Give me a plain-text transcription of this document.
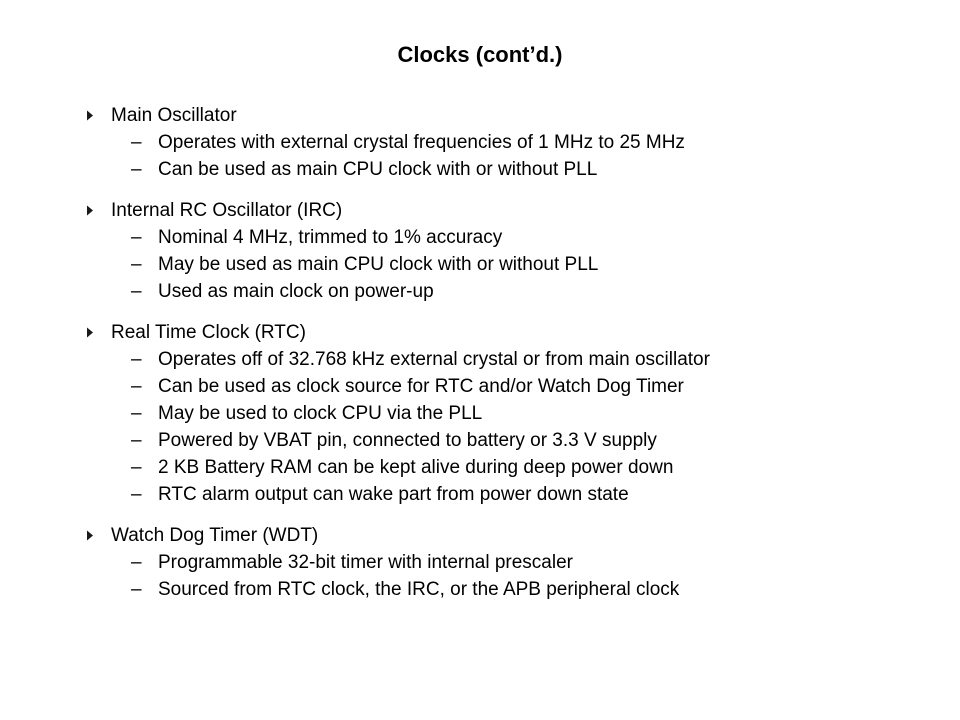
Clocks (cont’d.)
Main Oscillator
– Operates with external crystal frequencies of 1 MHz to 25 MHz
– Can be used as main CPU clock with or without PLL
Internal RC Oscillator (IRC)
– Nominal 4 MHz, trimmed to 1% accuracy
– May be used as main CPU clock with or without PLL
– Used as main clock on power-up
Real Time Clock (RTC)
– Operates off of 32.768 kHz external crystal or from main oscillator
– Can be used as clock source for RTC and/or Watch Dog Timer
– May be used to clock CPU via the PLL
– Powered by VBAT pin, connected to battery or 3.3 V supply
– 2 KB Battery RAM can be kept alive during deep power down
– RTC alarm output can wake part from power down state
Watch Dog Timer (WDT)
– Programmable 32-bit timer with internal prescaler
– Sourced from RTC clock, the IRC, or the APB peripheral clock
